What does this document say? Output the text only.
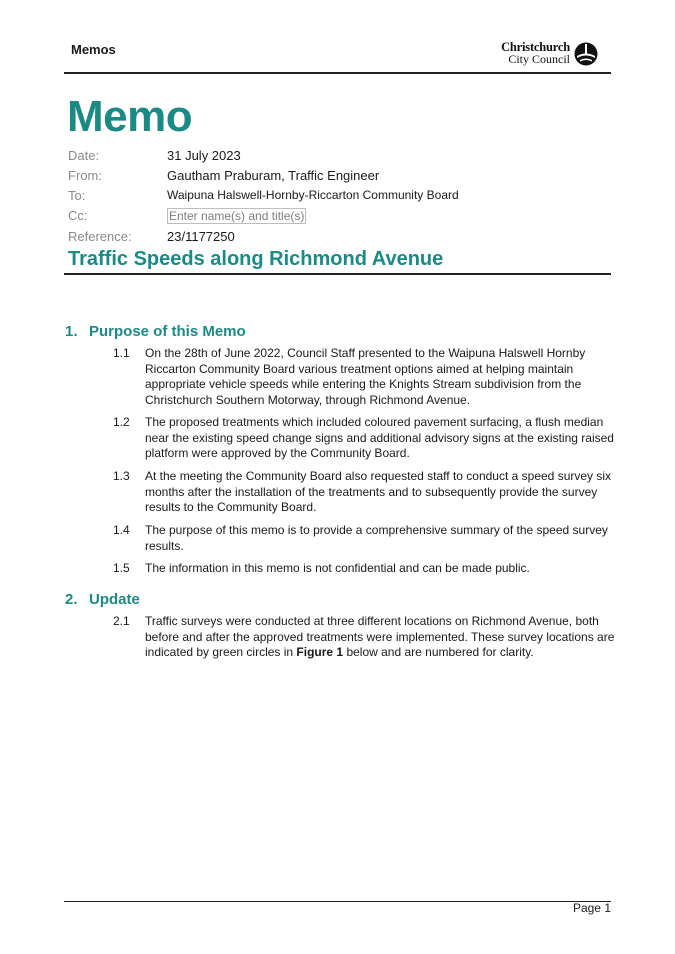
Memos	Christchurch
City Council
Memo
Date:	31 July 2023
From:	Gautham Praburam, Traffic Engineer
To:	Waipuna Halswell-Hornby-Riccarton Community Board
Cc:	Enter name(s) and title(s)
Reference:	23/1177250
Traffic Speeds along Richmond Avenue
1. Purpose of this Memo
1.1 On the 28th of June 2022, Council Staff presented to the Waipuna Halswell Hornby Riccarton Community Board various treatment options aimed at helping maintain appropriate vehicle speeds while entering the Knights Stream subdivision from the Christchurch Southern Motorway, through Richmond Avenue.
1.2 The proposed treatments which included coloured pavement surfacing, a flush median near the existing speed change signs and additional advisory signs at the existing raised platform were approved by the Community Board.
1.3 At the meeting the Community Board also requested staff to conduct a speed survey six months after the installation of the treatments and to subsequently provide the survey results to the Community Board.
1.4 The purpose of this memo is to provide a comprehensive summary of the speed survey results.
1.5 The information in this memo is not confidential and can be made public.
2. Update
2.1 Traffic surveys were conducted at three different locations on Richmond Avenue, both before and after the approved treatments were implemented. These survey locations are indicated by green circles in Figure 1 below and are numbered for clarity.
Page 1
